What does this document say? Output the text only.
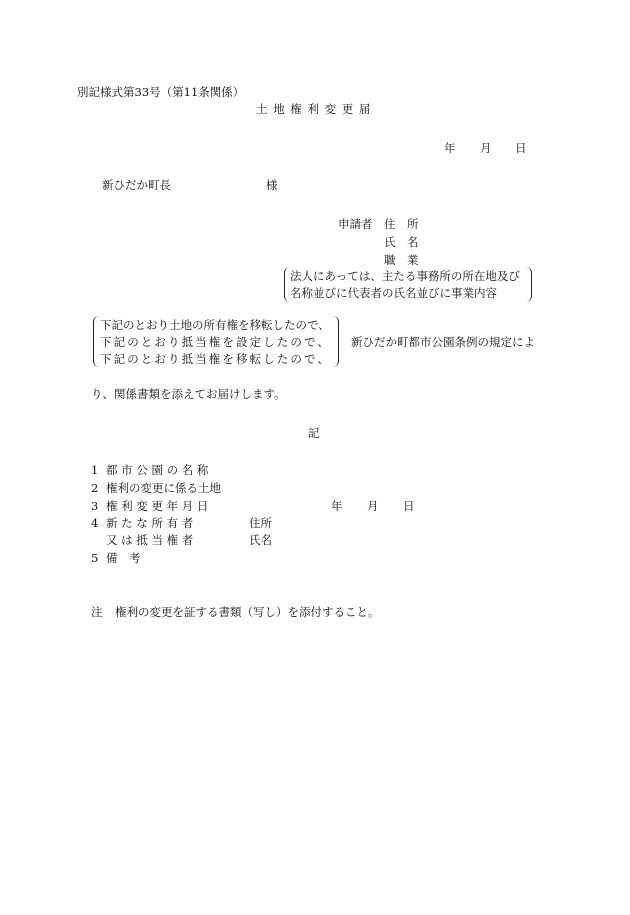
別記様式第33号（第11条関係）
土 地 権 利 変 更 届
年 月 日
新ひだか町長	様
申請者 住　所
氏　名
職　業
法人にあっては、主たる事務所の所在地及び
名称並びに代表者の氏名並びに事業内容
下記のとおり土地の所有権を移転したので、
下記のとおり抵当権を設定したので、
下記のとおり抵当権を移転したので、
新ひだか町都市公園条例の規定によ
り、関係書類を添えてお届けします。
記
1 都 市 公 園 の 名 称
2 権利の変更に係る土地
3 権 利 変 更 年 月 日	年 月 日
4 新 た な 所 有 者	住所
又 は 抵 当 権 者	氏名
5 備　考
注 権利の変更を証する書類（写し）を添付すること。
